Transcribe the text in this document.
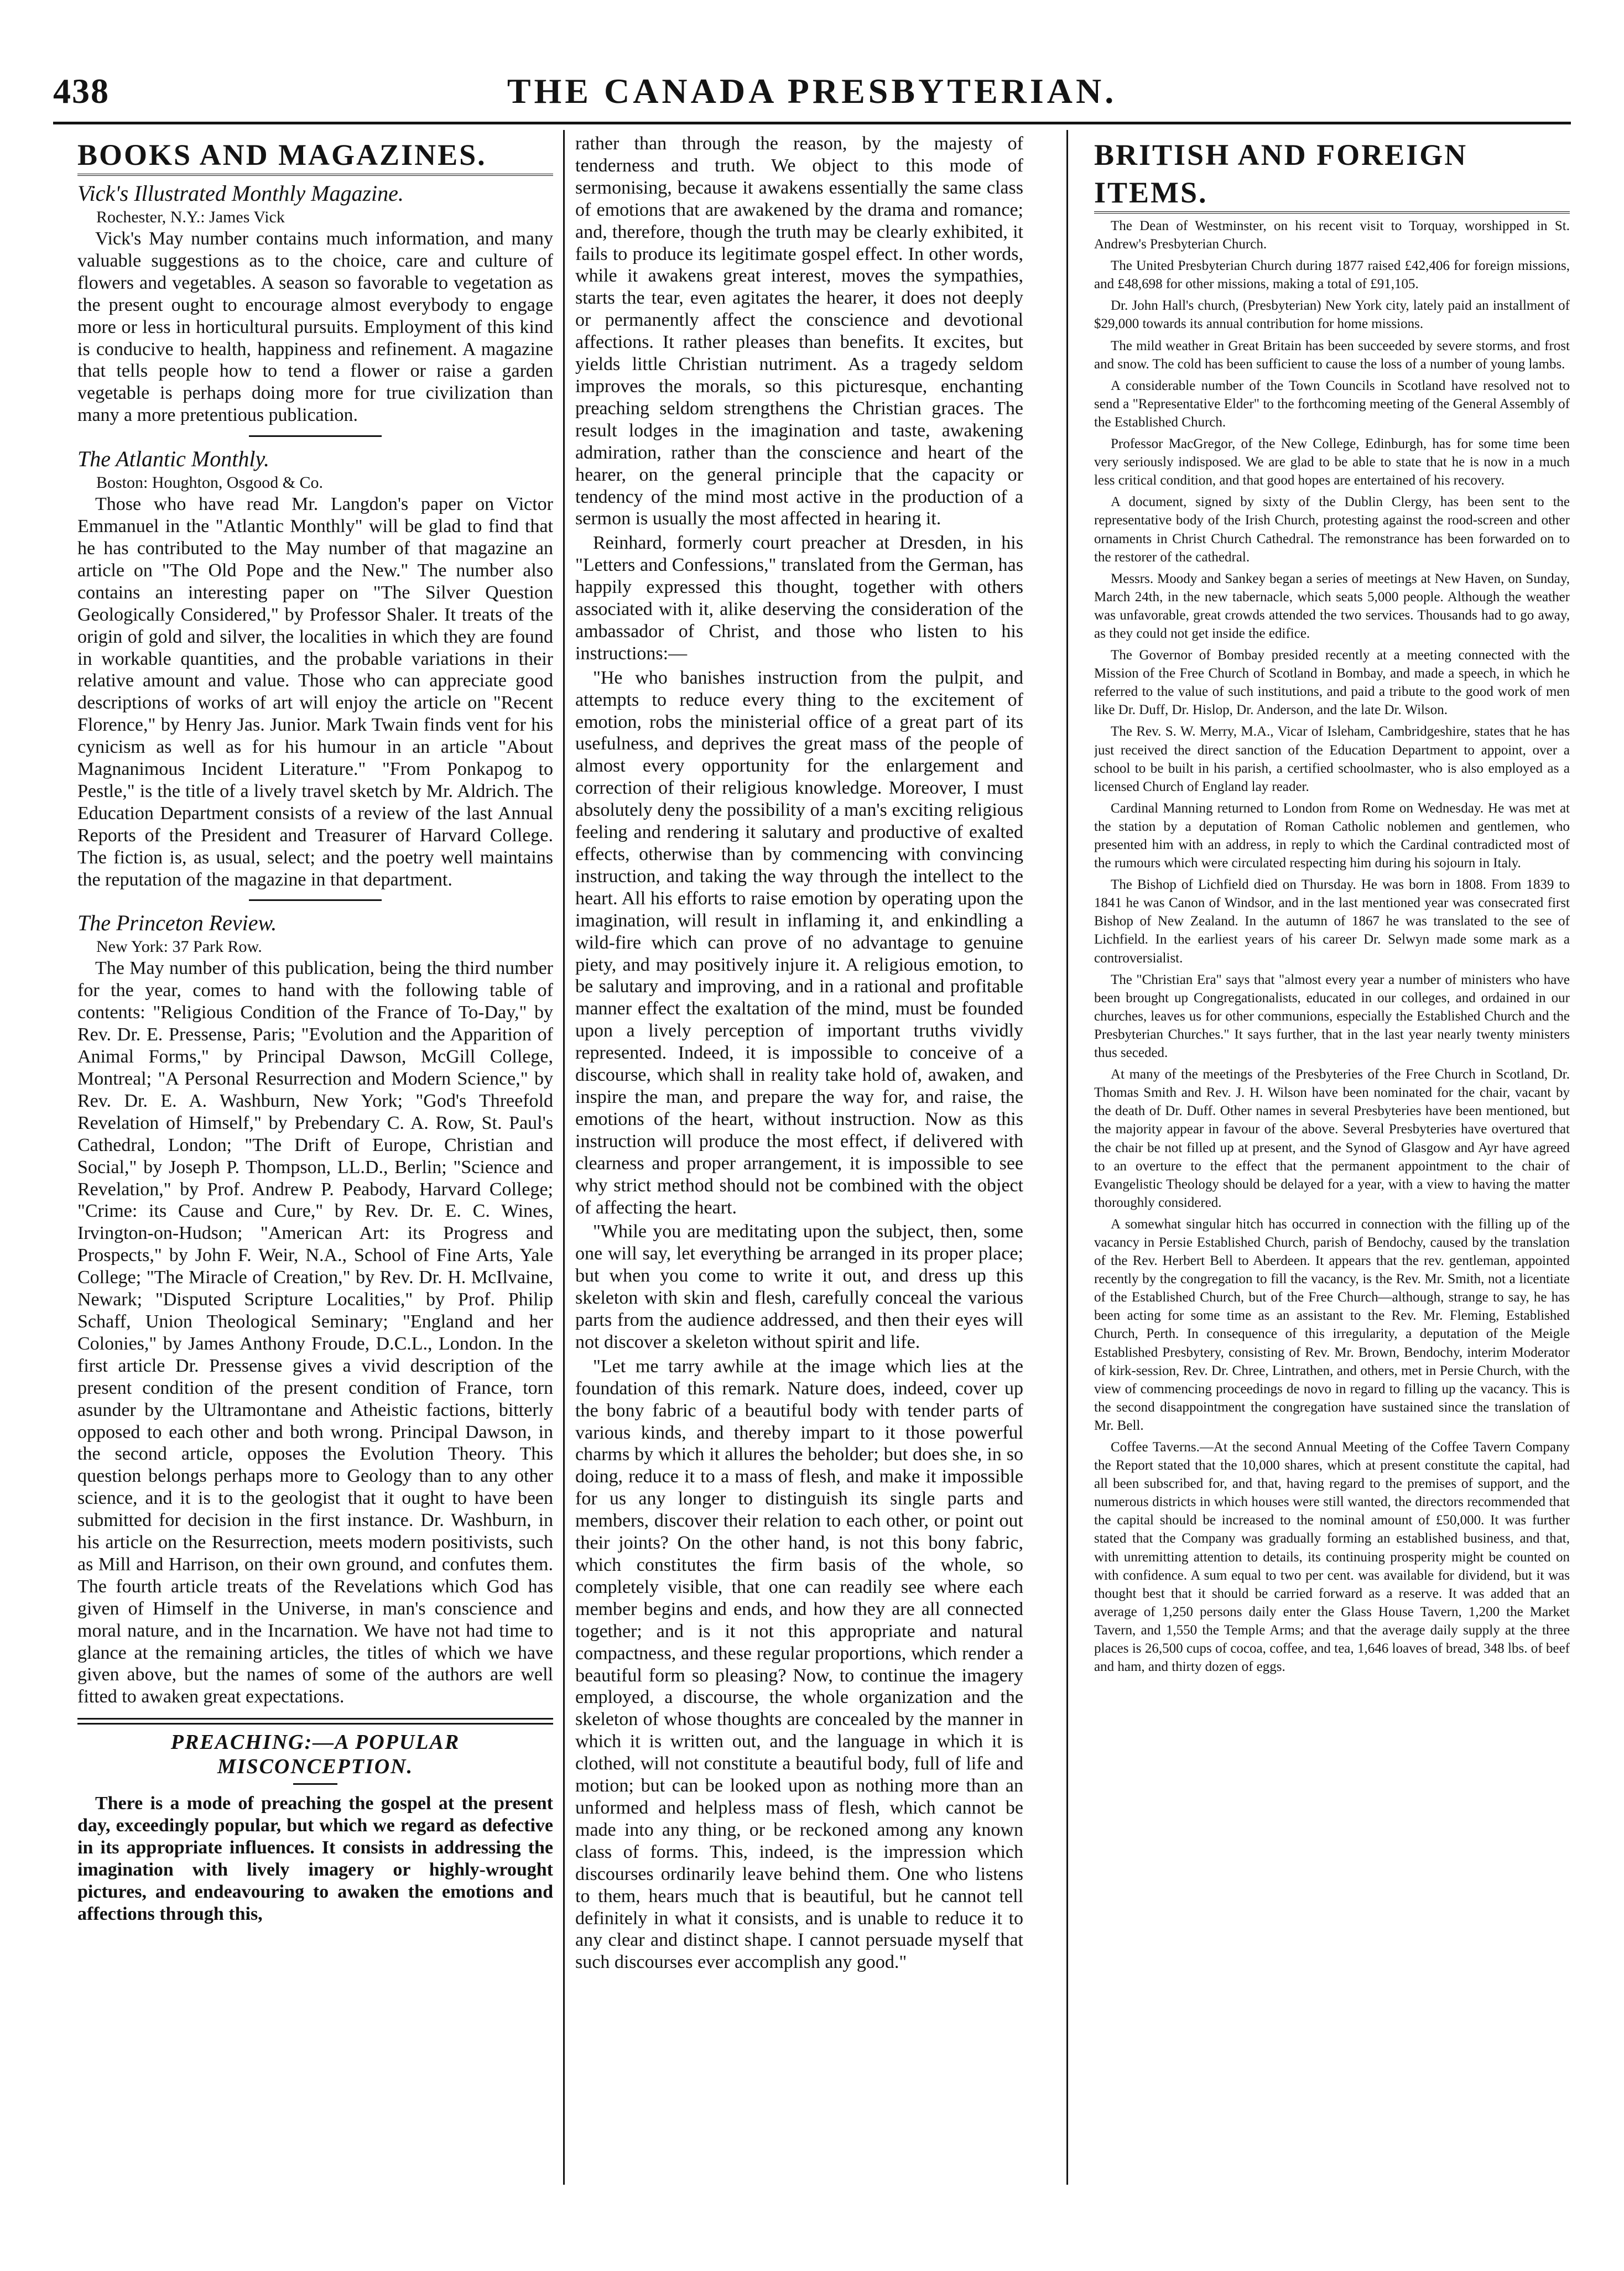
438	THE CANADA PRESBYTERIAN.
BOOKS AND MAGAZINES.
Vick's Illustrated Monthly Magazine.
Rochester, N.Y.: James Vick

Vick's May number contains much information, and many valuable suggestions as to the choice, care and culture of flowers and vegetables. A season so favorable to vegetation as the present ought to encourage almost everybody to engage more or less in horticultural pursuits. Employment of this kind is conducive to health, happiness and refinement. A magazine that tells people how to tend a flower or raise a garden vegetable is perhaps doing more for true civilization than many a more pretentious publication.

The Atlantic Monthly.
Boston: Houghton, Osgood & Co.

Those who have read Mr. Langdon's paper on Victor Emmanuel in the "Atlantic Monthly" will be glad to find that he has contributed to the May number of that magazine an article on "The Old Pope and the New." The number also contains an interesting paper on "The Silver Question Geologically Considered," by Professor Shaler. It treats of the origin of gold and silver, the localities in which they are found in workable quantities, and the probable variations in their relative amount and value. Those who can appreciate good descriptions of works of art will enjoy the article on "Recent Florence," by Henry Jas. Junior. Mark Twain finds vent for his cynicism as well as for his humour in an article "About Magnanimous Incident Literature." "From Ponkapog to Pestle," is the title of a lively travel sketch by Mr. Aldrich. The Education Department consists of a review of the last Annual Reports of the President and Treasurer of Harvard College. The fiction is, as usual, select; and the poetry well maintains the reputation of the magazine in that department.

The Princeton Review.
New York: 37 Park Row.

The May number of this publication, being the third number for the year, comes to hand with the following table of contents: "Religious Condition of the France of To-Day," by Rev. Dr. E. Pressense, Paris; "Evolution and the Apparition of Animal Forms," by Principal Dawson, McGill College, Montreal; "A Personal Resurrection and Modern Science," by Rev. Dr. E. A. Washburn, New York; "God's Threefold Revelation of Himself," by Prebendary C. A. Row, St. Paul's Cathedral, London; "The Drift of Europe, Christian and Social," by Joseph P. Thompson, LL.D., Berlin; "Science and Revelation," by Prof. Andrew P. Peabody, Harvard College; "Crime: its Cause and Cure," by Rev. Dr. E. C. Wines, Irvington-on-Hudson; "American Art: its Progress and Prospects," by John F. Weir, N.A., School of Fine Arts, Yale College; "The Miracle of Creation," by Rev. Dr. H. McIlvaine, Newark; "Disputed Scripture Localities," by Prof. Philip Schaff, Union Theological Seminary; "England and her Colonies," by James Anthony Froude, D.C.L., London. In the first article Dr. Pressense gives a vivid description of the present condition of the present condition of France, torn asunder by the Ultramontane and Atheistic factions, bitterly opposed to each other and both wrong. Principal Dawson, in the second article, opposes the Evolution Theory. This question belongs perhaps more to Geology than to any other science, and it is to the geologist that it ought to have been submitted for decision in the first instance. Dr. Washburn, in his article on the Resurrection, meets modern positivists, such as Mill and Harrison, on their own ground, and confutes them. The fourth article treats of the Revelations which God has given of Himself in the Universe, in man's conscience and moral nature, and in the Incarnation. We have not had time to glance at the remaining articles, the titles of which we have given above, but the names of some of the authors are well fitted to awaken great expectations.

PREACHING:—A POPULAR MISCONCEPTION.

There is a mode of preaching the gospel at the present day, exceedingly popular, but which we regard as defective in its appropriate influences. It consists in addressing the imagination with lively imagery or highly-wrought pictures, and endeavouring to awaken the emotions and affections through this,

rather than through the reason, by the majesty of tenderness and truth. We object to this mode of sermonising, because it awakens essentially the same class of emotions that are awakened by the drama and romance; and, therefore, though the truth may be clearly exhibited, it fails to produce its legitimate gospel effect. In other words, while it awakens great interest, moves the sympathies, starts the tear, even agitates the hearer, it does not deeply or permanently affect the conscience and devotional affections. It rather pleases than benefits. It excites, but yields little Christian nutriment. As a tragedy seldom improves the morals, so this picturesque, enchanting preaching seldom strengthens the Christian graces. The result lodges in the imagination and taste, awakening admiration, rather than the conscience and heart of the hearer, on the general principle that the capacity or tendency of the mind most active in the production of a sermon is usually the most affected in hearing it.

Reinhard, formerly court preacher at Dresden, in his "Letters and Confessions," translated from the German, has happily expressed this thought, together with others associated with it, alike deserving the consideration of the ambassador of Christ, and those who listen to his instructions:—

"He who banishes instruction from the pulpit, and attempts to reduce every thing to the excitement of emotion, robs the ministerial office of a great part of its usefulness, and deprives the great mass of the people of almost every opportunity for the enlargement and correction of their religious knowledge. Moreover, I must absolutely deny the possibility of a man's exciting religious feeling and rendering it salutary and productive of exalted effects, otherwise than by commencing with convincing instruction, and taking the way through the intellect to the heart. All his efforts to raise emotion by operating upon the imagination, will result in inflaming it, and enkindling a wild-fire which can prove of no advantage to genuine piety, and may positively injure it. A religious emotion, to be salutary and improving, and in a rational and profitable manner effect the exaltation of the mind, must be founded upon a lively perception of important truths vividly represented. Indeed, it is impossible to conceive of a discourse, which shall in reality take hold of, awaken, and inspire the man, and prepare the way for, and raise, the emotions of the heart, without instruction. Now as this instruction will produce the most effect, if delivered with clearness and proper arrangement, it is impossible to see why strict method should not be combined with the object of affecting the heart.

"While you are meditating upon the subject, then, some one will say, let everything be arranged in its proper place; but when you come to write it out, and dress up this skeleton with skin and flesh, carefully conceal the various parts from the audience addressed, and then their eyes will not discover a skeleton without spirit and life.

"Let me tarry awhile at the image which lies at the foundation of this remark. Nature does, indeed, cover up the bony fabric of a beautiful body with tender parts of various kinds, and thereby impart to it those powerful charms by which it allures the beholder; but does she, in so doing, reduce it to a mass of flesh, and make it impossible for us any longer to distinguish its single parts and members, discover their relation to each other, or point out their joints? On the other hand, is not this bony fabric, which constitutes the firm basis of the whole, so completely visible, that one can readily see where each member begins and ends, and how they are all connected together; and is it not this appropriate and natural compactness, and these regular proportions, which render a beautiful form so pleasing? Now, to continue the imagery employed, a discourse, the whole organization and the skeleton of whose thoughts are concealed by the manner in which it is written out, and the language in which it is clothed, will not constitute a beautiful body, full of life and motion; but can be looked upon as nothing more than an unformed and helpless mass of flesh, which cannot be made into any thing, or be reckoned among any known class of forms. This, indeed, is the impression which discourses ordinarily leave behind them. One who listens to them, hears much that is beautiful, but he cannot tell definitely in what it consists, and is unable to reduce it to any clear and distinct shape. I cannot persuade myself that such discourses ever accomplish any good."

BRITISH AND FOREIGN ITEMS.

The Dean of Westminster, on his recent visit to Torquay, worshipped in St. Andrew's Presbyterian Church.

The United Presbyterian Church during 1877 raised £42,406 for foreign missions, and £48,698 for other missions, making a total of £91,105.

Dr. John Hall's church, (Presbyterian) New York city, lately paid an installment of $29,000 towards its annual contribution for home missions.

The mild weather in Great Britain has been succeeded by severe storms, and frost and snow. The cold has been sufficient to cause the loss of a number of young lambs.

A considerable number of the Town Councils in Scotland have resolved not to send a "Representative Elder" to the forthcoming meeting of the General Assembly of the Established Church.

Professor MacGregor, of the New College, Edinburgh, has for some time been very seriously indisposed. We are glad to be able to state that he is now in a much less critical condition, and that good hopes are entertained of his recovery.

A document, signed by sixty of the Dublin Clergy, has been sent to the representative body of the Irish Church, protesting against the rood-screen and other ornaments in Christ Church Cathedral. The remonstrance has been forwarded on to the restorer of the cathedral.

Messrs. Moody and Sankey began a series of meetings at New Haven, on Sunday, March 24th, in the new tabernacle, which seats 5,000 people. Although the weather was unfavorable, great crowds attended the two services. Thousands had to go away, as they could not get inside the edifice.

The Governor of Bombay presided recently at a meeting connected with the Mission of the Free Church of Scotland in Bombay, and made a speech, in which he referred to the value of such institutions, and paid a tribute to the good work of men like Dr. Duff, Dr. Hislop, Dr. Anderson, and the late Dr. Wilson.

The Rev. S. W. Merry, M.A., Vicar of Isleham, Cambridgeshire, states that he has just received the direct sanction of the Education Department to appoint, over a school to be built in his parish, a certified schoolmaster, who is also employed as a licensed Church of England lay reader.

Cardinal Manning returned to London from Rome on Wednesday. He was met at the station by a deputation of Roman Catholic noblemen and gentlemen, who presented him with an address, in reply to which the Cardinal contradicted most of the rumours which were circulated respecting him during his sojourn in Italy.

The Bishop of Lichfield died on Thursday. He was born in 1808. From 1839 to 1841 he was Canon of Windsor, and in the last mentioned year was consecrated first Bishop of New Zealand. In the autumn of 1867 he was translated to the see of Lichfield. In the earliest years of his career Dr. Selwyn made some mark as a controversialist.

The "Christian Era" says that "almost every year a number of ministers who have been brought up Congregationalists, educated in our colleges, and ordained in our churches, leaves us for other communions, especially the Established Church and the Presbyterian Churches." It says further, that in the last year nearly twenty ministers thus seceded.

At many of the meetings of the Presbyteries of the Free Church in Scotland, Dr. Thomas Smith and Rev. J. H. Wilson have been nominated for the chair, vacant by the death of Dr. Duff. Other names in several Presbyteries have been mentioned, but the majority appear in favour of the above. Several Presbyteries have overtured that the chair be not filled up at present, and the Synod of Glasgow and Ayr have agreed to an overture to the effect that the permanent appointment to the chair of Evangelistic Theology should be delayed for a year, with a view to having the matter thoroughly considered.

A somewhat singular hitch has occurred in connection with the filling up of the vacancy in Persie Established Church, parish of Bendochy, caused by the translation of the Rev. Herbert Bell to Aberdeen. It appears that the rev. gentleman, appointed recently by the congregation to fill the vacancy, is the Rev. Mr. Smith, not a licentiate of the Established Church, but of the Free Church—although, strange to say, he has been acting for some time as an assistant to the Rev. Mr. Fleming, Established Church, Perth. In consequence of this irregularity, a deputation of the Meigle Established Presbytery, consisting of Rev. Mr. Brown, Bendochy, interim Moderator of kirk-session, Rev. Dr. Chree, Lintrathen, and others, met in Persie Church, with the view of commencing proceedings de novo in regard to filling up the vacancy. This is the second disappointment the congregation have sustained since the translation of Mr. Bell.

Coffee Taverns.—At the second Annual Meeting of the Coffee Tavern Company the Report stated that the 10,000 shares, which at present constitute the capital, had all been subscribed for, and that, having regard to the premises of support, and the numerous districts in which houses were still wanted, the directors recommended that the capital should be increased to the nominal amount of £50,000. It was further stated that the Company was gradually forming an established business, and that, with unremitting attention to details, its continuing prosperity might be counted on with confidence. A sum equal to two per cent. was available for dividend, but it was thought best that it should be carried forward as a reserve. It was added that an average of 1,250 persons daily enter the Glass House Tavern, 1,200 the Market Tavern, and 1,550 the Temple Arms; and that the average daily supply at the three places is 26,500 cups of cocoa, coffee, and tea, 1,646 loaves of bread, 348 lbs. of beef and ham, and thirty dozen of eggs.
